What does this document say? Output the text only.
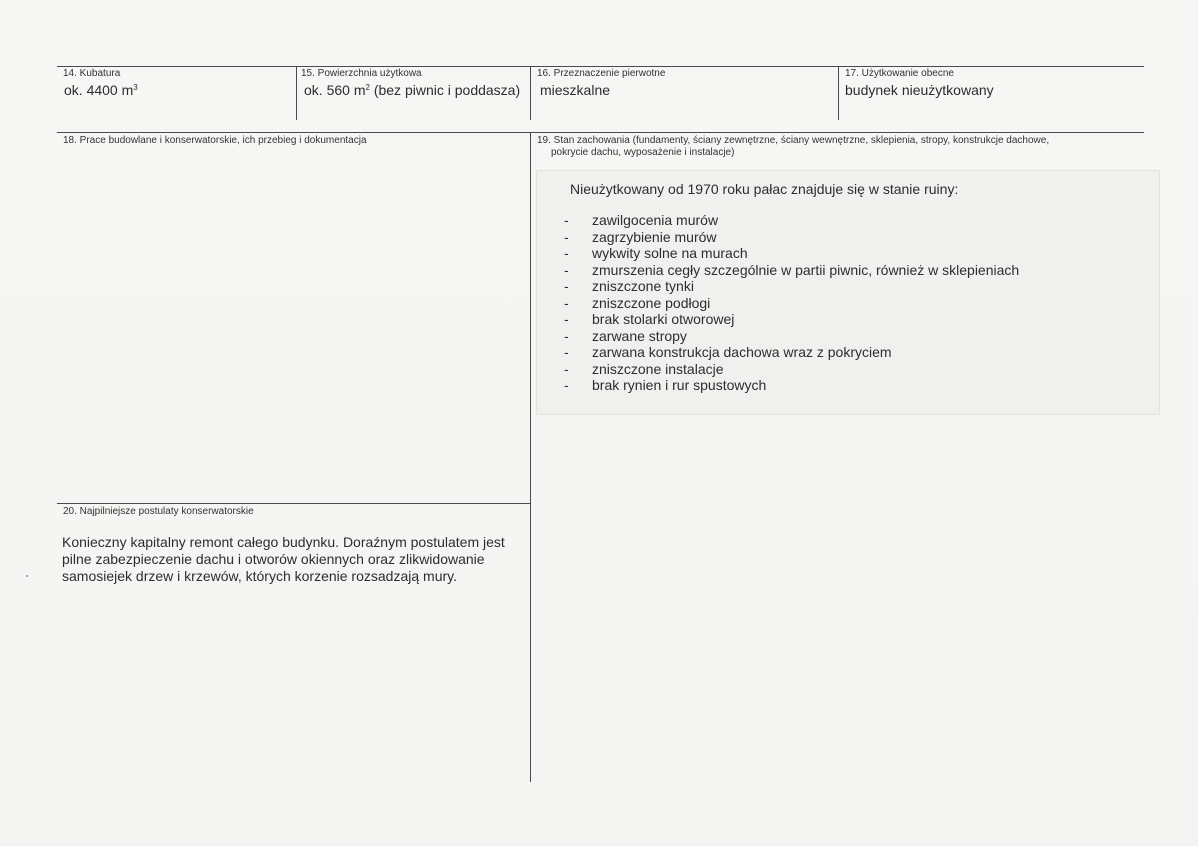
14. Kubatura
ok. 4400 $m^3$
15. Powierzchnia użytkowa
ok. 560 $m^2$ (bez piwnic i poddasza)
16. Przeznaczenie pierwotne
mieszkalne
17. Użytkowanie obecne
budynek nieużytkowany
18. Prace budowlane i konserwatorskie, ich przebieg i dokumentacja	19. Stan zachowania (fundamenty, ściany zewnętrzne, ściany wewnętrzne, sklepienia, stropy, konstrukcje dachowe,
pokrycie dachu, wyposażenie i instalacje)
Nieużytkowany od 1970 roku pałac znajduje się w stanie ruiny:
- zawilgocenia murów
- zagrzybienie murów
- wykwity solne na murach
- zmurszenia cegły szczególnie w partii piwnic, również w sklepieniach
- zniszczone tynki
- zniszczone podłogi
- brak stolarki otworowej
- zarwane stropy
- zarwana konstrukcja dachowa wraz z pokryciem
- zniszczone instalacje
- brak rynien i rur spustowych
20. Najpilniejsze postulaty konserwatorskie
Konieczny kapitalny remont całego budynku. Doraźnym postulatem jest pilne zabezpieczenie dachu i otworów okiennych oraz zlikwidowanie samosiejek drzew i krzewów, których korzenie rozsadzają mury.
